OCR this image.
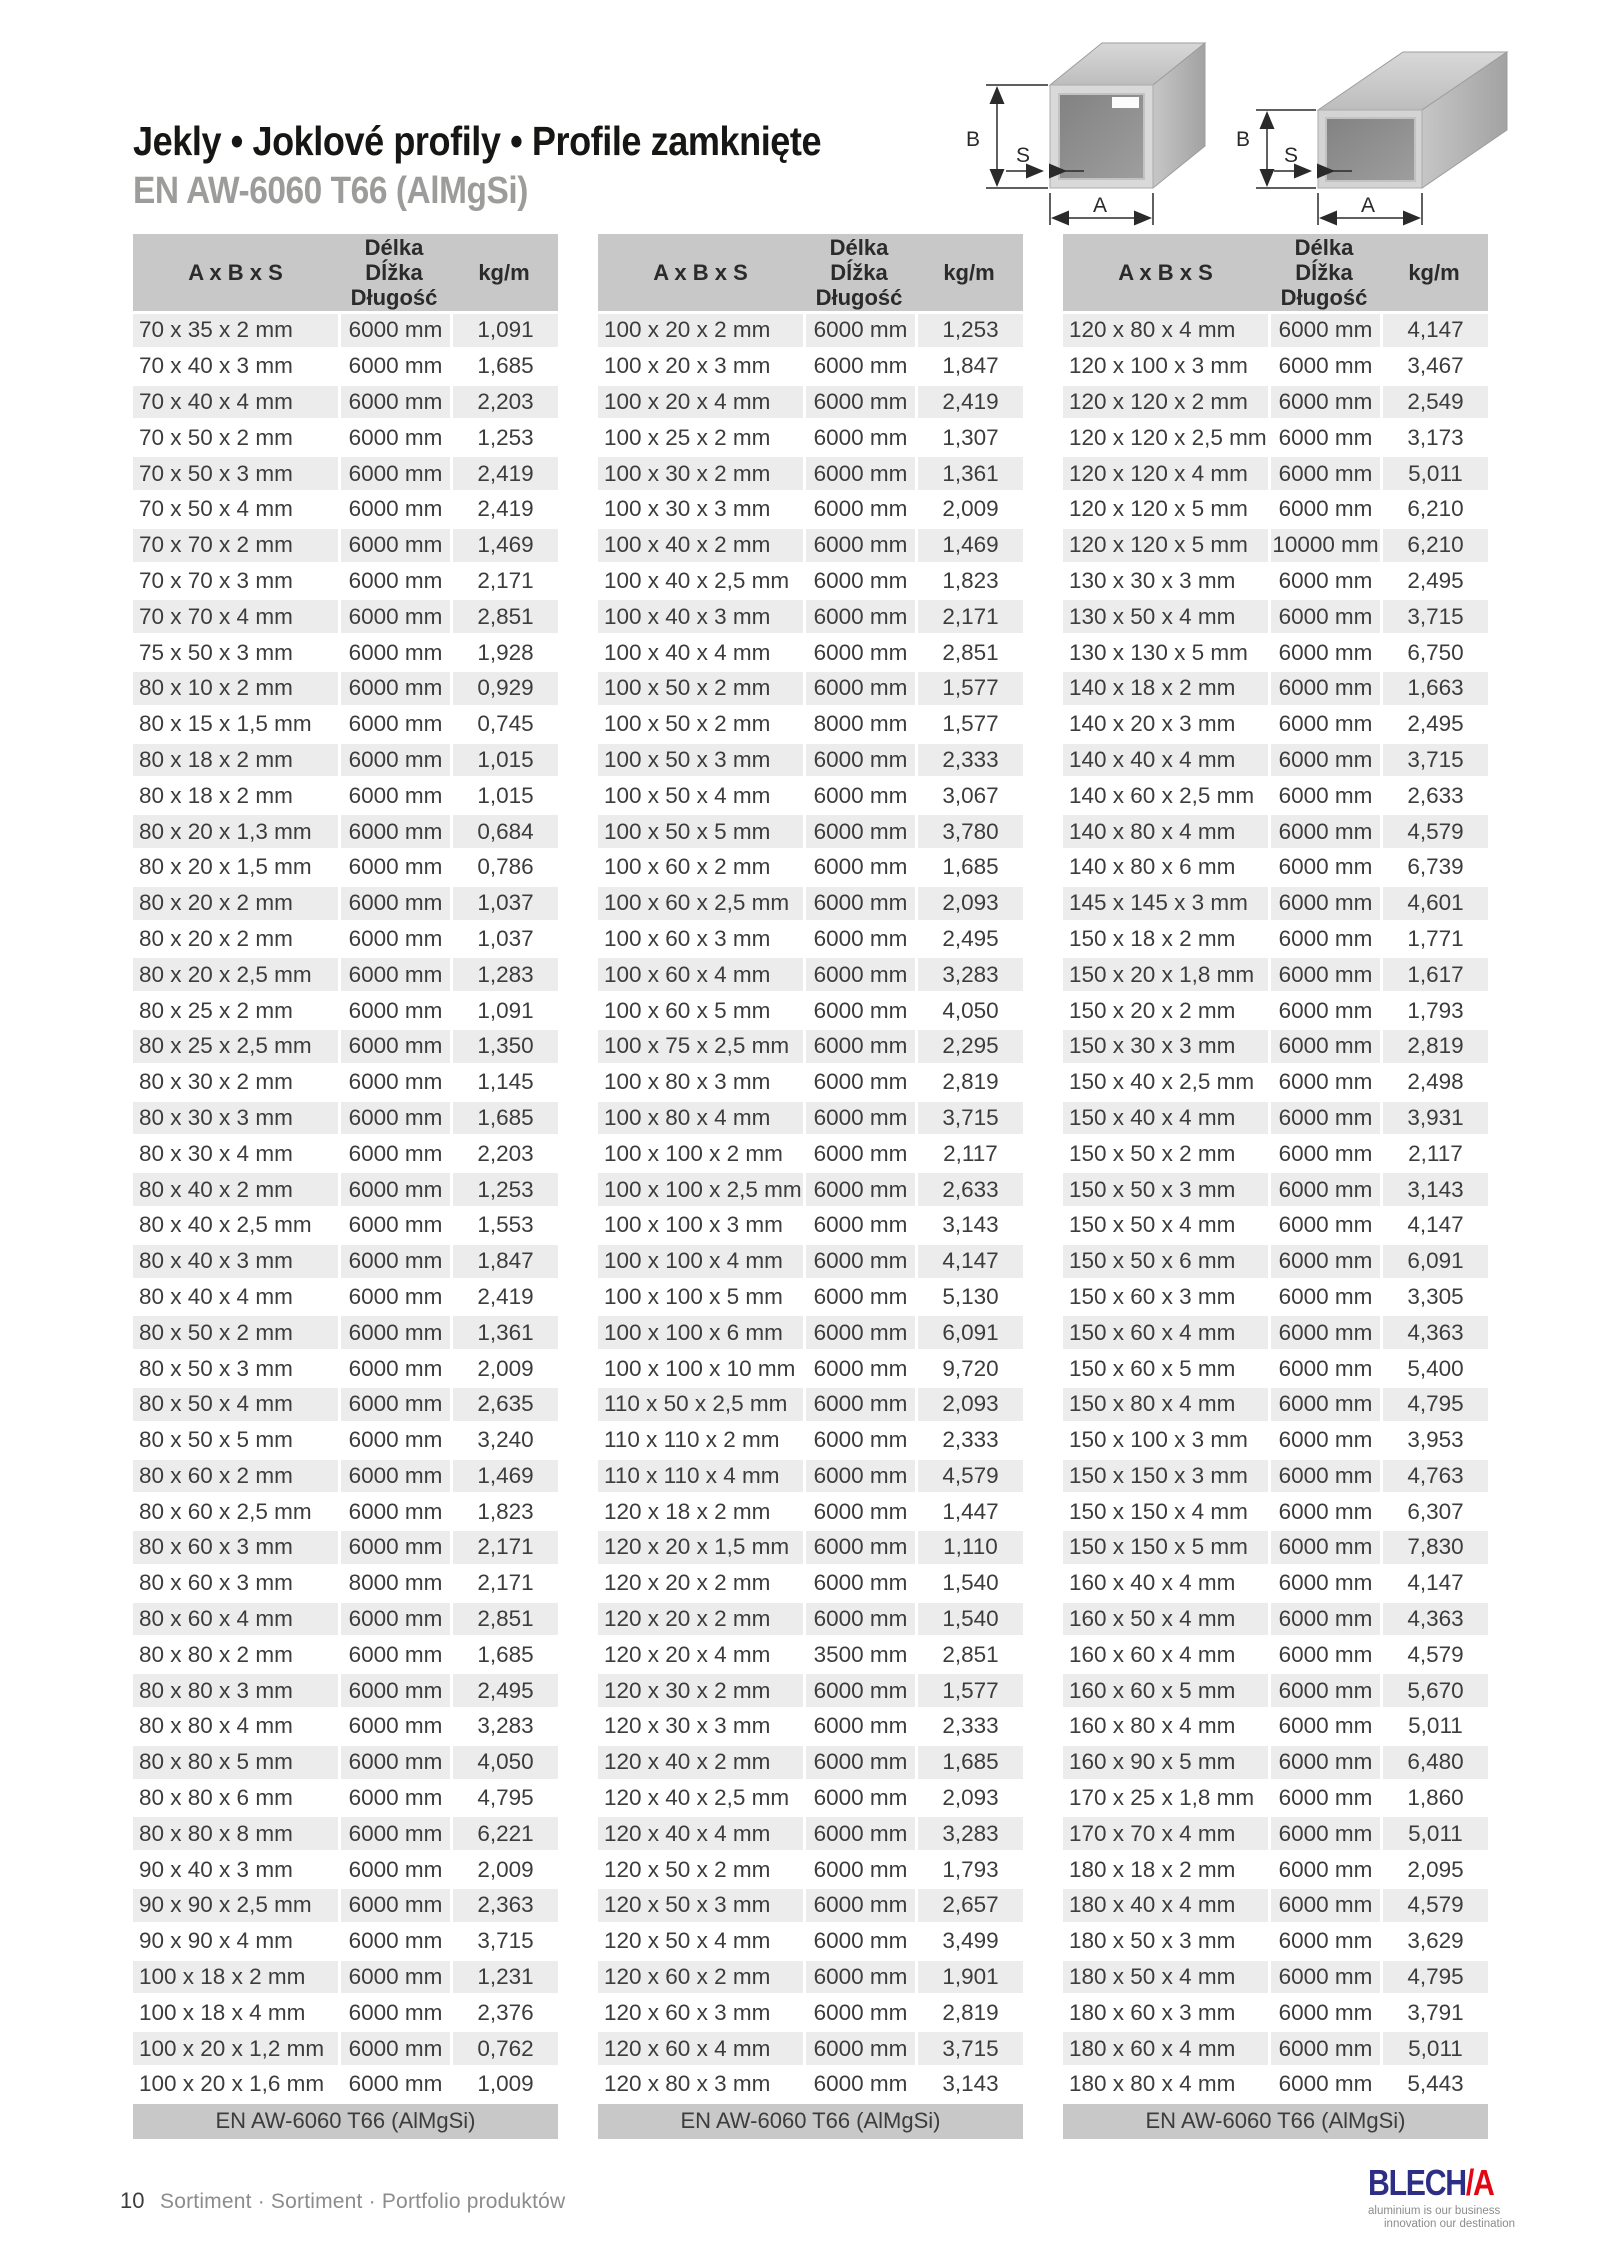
Jekly • Joklové profily • Profile zamknięte
EN AW-6060 T66 (AlMgSi)
B
S
A
B
S
A
A x B x S	Délka
Dĺžka
Długość	kg/m
70 x 35 x 2 mm	6000 mm	1,091
70 x 40 x 3 mm	6000 mm	1,685
70 x 40 x 4 mm	6000 mm	2,203
70 x 50 x 2 mm	6000 mm	1,253
70 x 50 x 3 mm	6000 mm	2,419
70 x 50 x 4 mm	6000 mm	2,419
70 x 70 x 2 mm	6000 mm	1,469
70 x 70 x 3 mm	6000 mm	2,171
70 x 70 x 4 mm	6000 mm	2,851
75 x 50 x 3 mm	6000 mm	1,928
80 x 10 x 2 mm	6000 mm	0,929
80 x 15 x 1,5 mm	6000 mm	0,745
80 x 18 x 2 mm	6000 mm	1,015
80 x 18 x 2 mm	6000 mm	1,015
80 x 20 x 1,3 mm	6000 mm	0,684
80 x 20 x 1,5 mm	6000 mm	0,786
80 x 20 x 2 mm	6000 mm	1,037
80 x 20 x 2 mm	6000 mm	1,037
80 x 20 x 2,5 mm	6000 mm	1,283
80 x 25 x 2 mm	6000 mm	1,091
80 x 25 x 2,5 mm	6000 mm	1,350
80 x 30 x 2 mm	6000 mm	1,145
80 x 30 x 3 mm	6000 mm	1,685
80 x 30 x 4 mm	6000 mm	2,203
80 x 40 x 2 mm	6000 mm	1,253
80 x 40 x 2,5 mm	6000 mm	1,553
80 x 40 x 3 mm	6000 mm	1,847
80 x 40 x 4 mm	6000 mm	2,419
80 x 50 x 2 mm	6000 mm	1,361
80 x 50 x 3 mm	6000 mm	2,009
80 x 50 x 4 mm	6000 mm	2,635
80 x 50 x 5 mm	6000 mm	3,240
80 x 60 x 2 mm	6000 mm	1,469
80 x 60 x 2,5 mm	6000 mm	1,823
80 x 60 x 3 mm	6000 mm	2,171
80 x 60 x 3 mm	8000 mm	2,171
80 x 60 x 4 mm	6000 mm	2,851
80 x 80 x 2 mm	6000 mm	1,685
80 x 80 x 3 mm	6000 mm	2,495
80 x 80 x 4 mm	6000 mm	3,283
80 x 80 x 5 mm	6000 mm	4,050
80 x 80 x 6 mm	6000 mm	4,795
80 x 80 x 8 mm	6000 mm	6,221
90 x 40 x 3 mm	6000 mm	2,009
90 x 90 x 2,5 mm	6000 mm	2,363
90 x 90 x 4 mm	6000 mm	3,715
100 x 18 x 2 mm	6000 mm	1,231
100 x 18 x 4 mm	6000 mm	2,376
100 x 20 x 1,2 mm	6000 mm	0,762
100 x 20 x 1,6 mm	6000 mm	1,009
EN AW-6060 T66 (AlMgSi)		
A x B x S	Délka
Dĺžka
Długość	kg/m
100 x 20 x 2 mm	6000 mm	1,253
100 x 20 x 3 mm	6000 mm	1,847
100 x 20 x 4 mm	6000 mm	2,419
100 x 25 x 2 mm	6000 mm	1,307
100 x 30 x 2 mm	6000 mm	1,361
100 x 30 x 3 mm	6000 mm	2,009
100 x 40 x 2 mm	6000 mm	1,469
100 x 40 x 2,5 mm	6000 mm	1,823
100 x 40 x 3 mm	6000 mm	2,171
100 x 40 x 4 mm	6000 mm	2,851
100 x 50 x 2 mm	6000 mm	1,577
100 x 50 x 2 mm	8000 mm	1,577
100 x 50 x 3 mm	6000 mm	2,333
100 x 50 x 4 mm	6000 mm	3,067
100 x 50 x 5 mm	6000 mm	3,780
100 x 60 x 2 mm	6000 mm	1,685
100 x 60 x 2,5 mm	6000 mm	2,093
100 x 60 x 3 mm	6000 mm	2,495
100 x 60 x 4 mm	6000 mm	3,283
100 x 60 x 5 mm	6000 mm	4,050
100 x 75 x 2,5 mm	6000 mm	2,295
100 x 80 x 3 mm	6000 mm	2,819
100 x 80 x 4 mm	6000 mm	3,715
100 x 100 x 2 mm	6000 mm	2,117
100 x 100 x 2,5 mm	6000 mm	2,633
100 x 100 x 3 mm	6000 mm	3,143
100 x 100 x 4 mm	6000 mm	4,147
100 x 100 x 5 mm	6000 mm	5,130
100 x 100 x 6 mm	6000 mm	6,091
100 x 100 x 10 mm	6000 mm	9,720
110 x 50 x 2,5 mm	6000 mm	2,093
110 x 110 x 2 mm	6000 mm	2,333
110 x 110 x 4 mm	6000 mm	4,579
120 x 18 x 2 mm	6000 mm	1,447
120 x 20 x 1,5 mm	6000 mm	1,110
120 x 20 x 2 mm	6000 mm	1,540
120 x 20 x 2 mm	6000 mm	1,540
120 x 20 x 4 mm	3500 mm	2,851
120 x 30 x 2 mm	6000 mm	1,577
120 x 30 x 3 mm	6000 mm	2,333
120 x 40 x 2 mm	6000 mm	1,685
120 x 40 x 2,5 mm	6000 mm	2,093
120 x 40 x 4 mm	6000 mm	3,283
120 x 50 x 2 mm	6000 mm	1,793
120 x 50 x 3 mm	6000 mm	2,657
120 x 50 x 4 mm	6000 mm	3,499
120 x 60 x 2 mm	6000 mm	1,901
120 x 60 x 3 mm	6000 mm	2,819
120 x 60 x 4 mm	6000 mm	3,715
120 x 80 x 3 mm	6000 mm	3,143
EN AW-6060 T66 (AlMgSi)		
A x B x S	Délka
Dĺžka
Długość	kg/m
120 x 80 x 4 mm	6000 mm	4,147
120 x 100 x 3 mm	6000 mm	3,467
120 x 120 x 2 mm	6000 mm	2,549
120 x 120 x 2,5 mm	6000 mm	3,173
120 x 120 x 4 mm	6000 mm	5,011
120 x 120 x 5 mm	6000 mm	6,210
120 x 120 x 5 mm	10000 mm	6,210
130 x 30 x 3 mm	6000 mm	2,495
130 x 50 x 4 mm	6000 mm	3,715
130 x 130 x 5 mm	6000 mm	6,750
140 x 18 x 2 mm	6000 mm	1,663
140 x 20 x 3 mm	6000 mm	2,495
140 x 40 x 4 mm	6000 mm	3,715
140 x 60 x 2,5 mm	6000 mm	2,633
140 x 80 x 4 mm	6000 mm	4,579
140 x 80 x 6 mm	6000 mm	6,739
145 x 145 x 3 mm	6000 mm	4,601
150 x 18 x 2 mm	6000 mm	1,771
150 x 20 x 1,8 mm	6000 mm	1,617
150 x 20 x 2 mm	6000 mm	1,793
150 x 30 x 3 mm	6000 mm	2,819
150 x 40 x 2,5 mm	6000 mm	2,498
150 x 40 x 4 mm	6000 mm	3,931
150 x 50 x 2 mm	6000 mm	2,117
150 x 50 x 3 mm	6000 mm	3,143
150 x 50 x 4 mm	6000 mm	4,147
150 x 50 x 6 mm	6000 mm	6,091
150 x 60 x 3 mm	6000 mm	3,305
150 x 60 x 4 mm	6000 mm	4,363
150 x 60 x 5 mm	6000 mm	5,400
150 x 80 x 4 mm	6000 mm	4,795
150 x 100 x 3 mm	6000 mm	3,953
150 x 150 x 3 mm	6000 mm	4,763
150 x 150 x 4 mm	6000 mm	6,307
150 x 150 x 5 mm	6000 mm	7,830
160 x 40 x 4 mm	6000 mm	4,147
160 x 50 x 4 mm	6000 mm	4,363
160 x 60 x 4 mm	6000 mm	4,579
160 x 60 x 5 mm	6000 mm	5,670
160 x 80 x 4 mm	6000 mm	5,011
160 x 90 x 5 mm	6000 mm	6,480
170 x 25 x 1,8 mm	6000 mm	1,860
170 x 70 x 4 mm	6000 mm	5,011
180 x 18 x 2 mm	6000 mm	2,095
180 x 40 x 4 mm	6000 mm	4,579
180 x 50 x 3 mm	6000 mm	3,629
180 x 50 x 4 mm	6000 mm	4,795
180 x 60 x 3 mm	6000 mm	3,791
180 x 60 x 4 mm	6000 mm	5,011
180 x 80 x 4 mm	6000 mm	5,443
EN AW-6060 T66 (AlMgSi)		
10 Sortiment · Sortiment · Portfolio produktów	BLECH/A
aluminium is our business
innovation our destination
